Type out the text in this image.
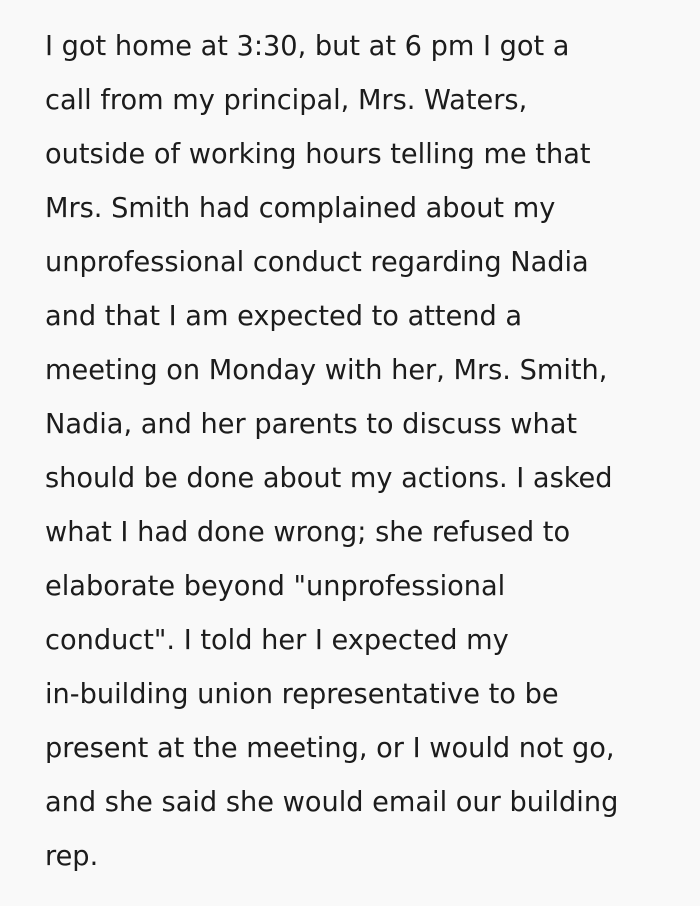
I got home at 3:30, but at 6 pm I got a
call from my principal, Mrs. Waters,
outside of working hours telling me that
Mrs. Smith had complained about my
unprofessional conduct regarding Nadia
and that I am expected to attend a
meeting on Monday with her, Mrs. Smith,
Nadia, and her parents to discuss what
should be done about my actions. I asked
what I had done wrong; she refused to
elaborate beyond "unprofessional
conduct". I told her I expected my
in-building union representative to be
present at the meeting, or I would not go,
and she said she would email our building
rep.
